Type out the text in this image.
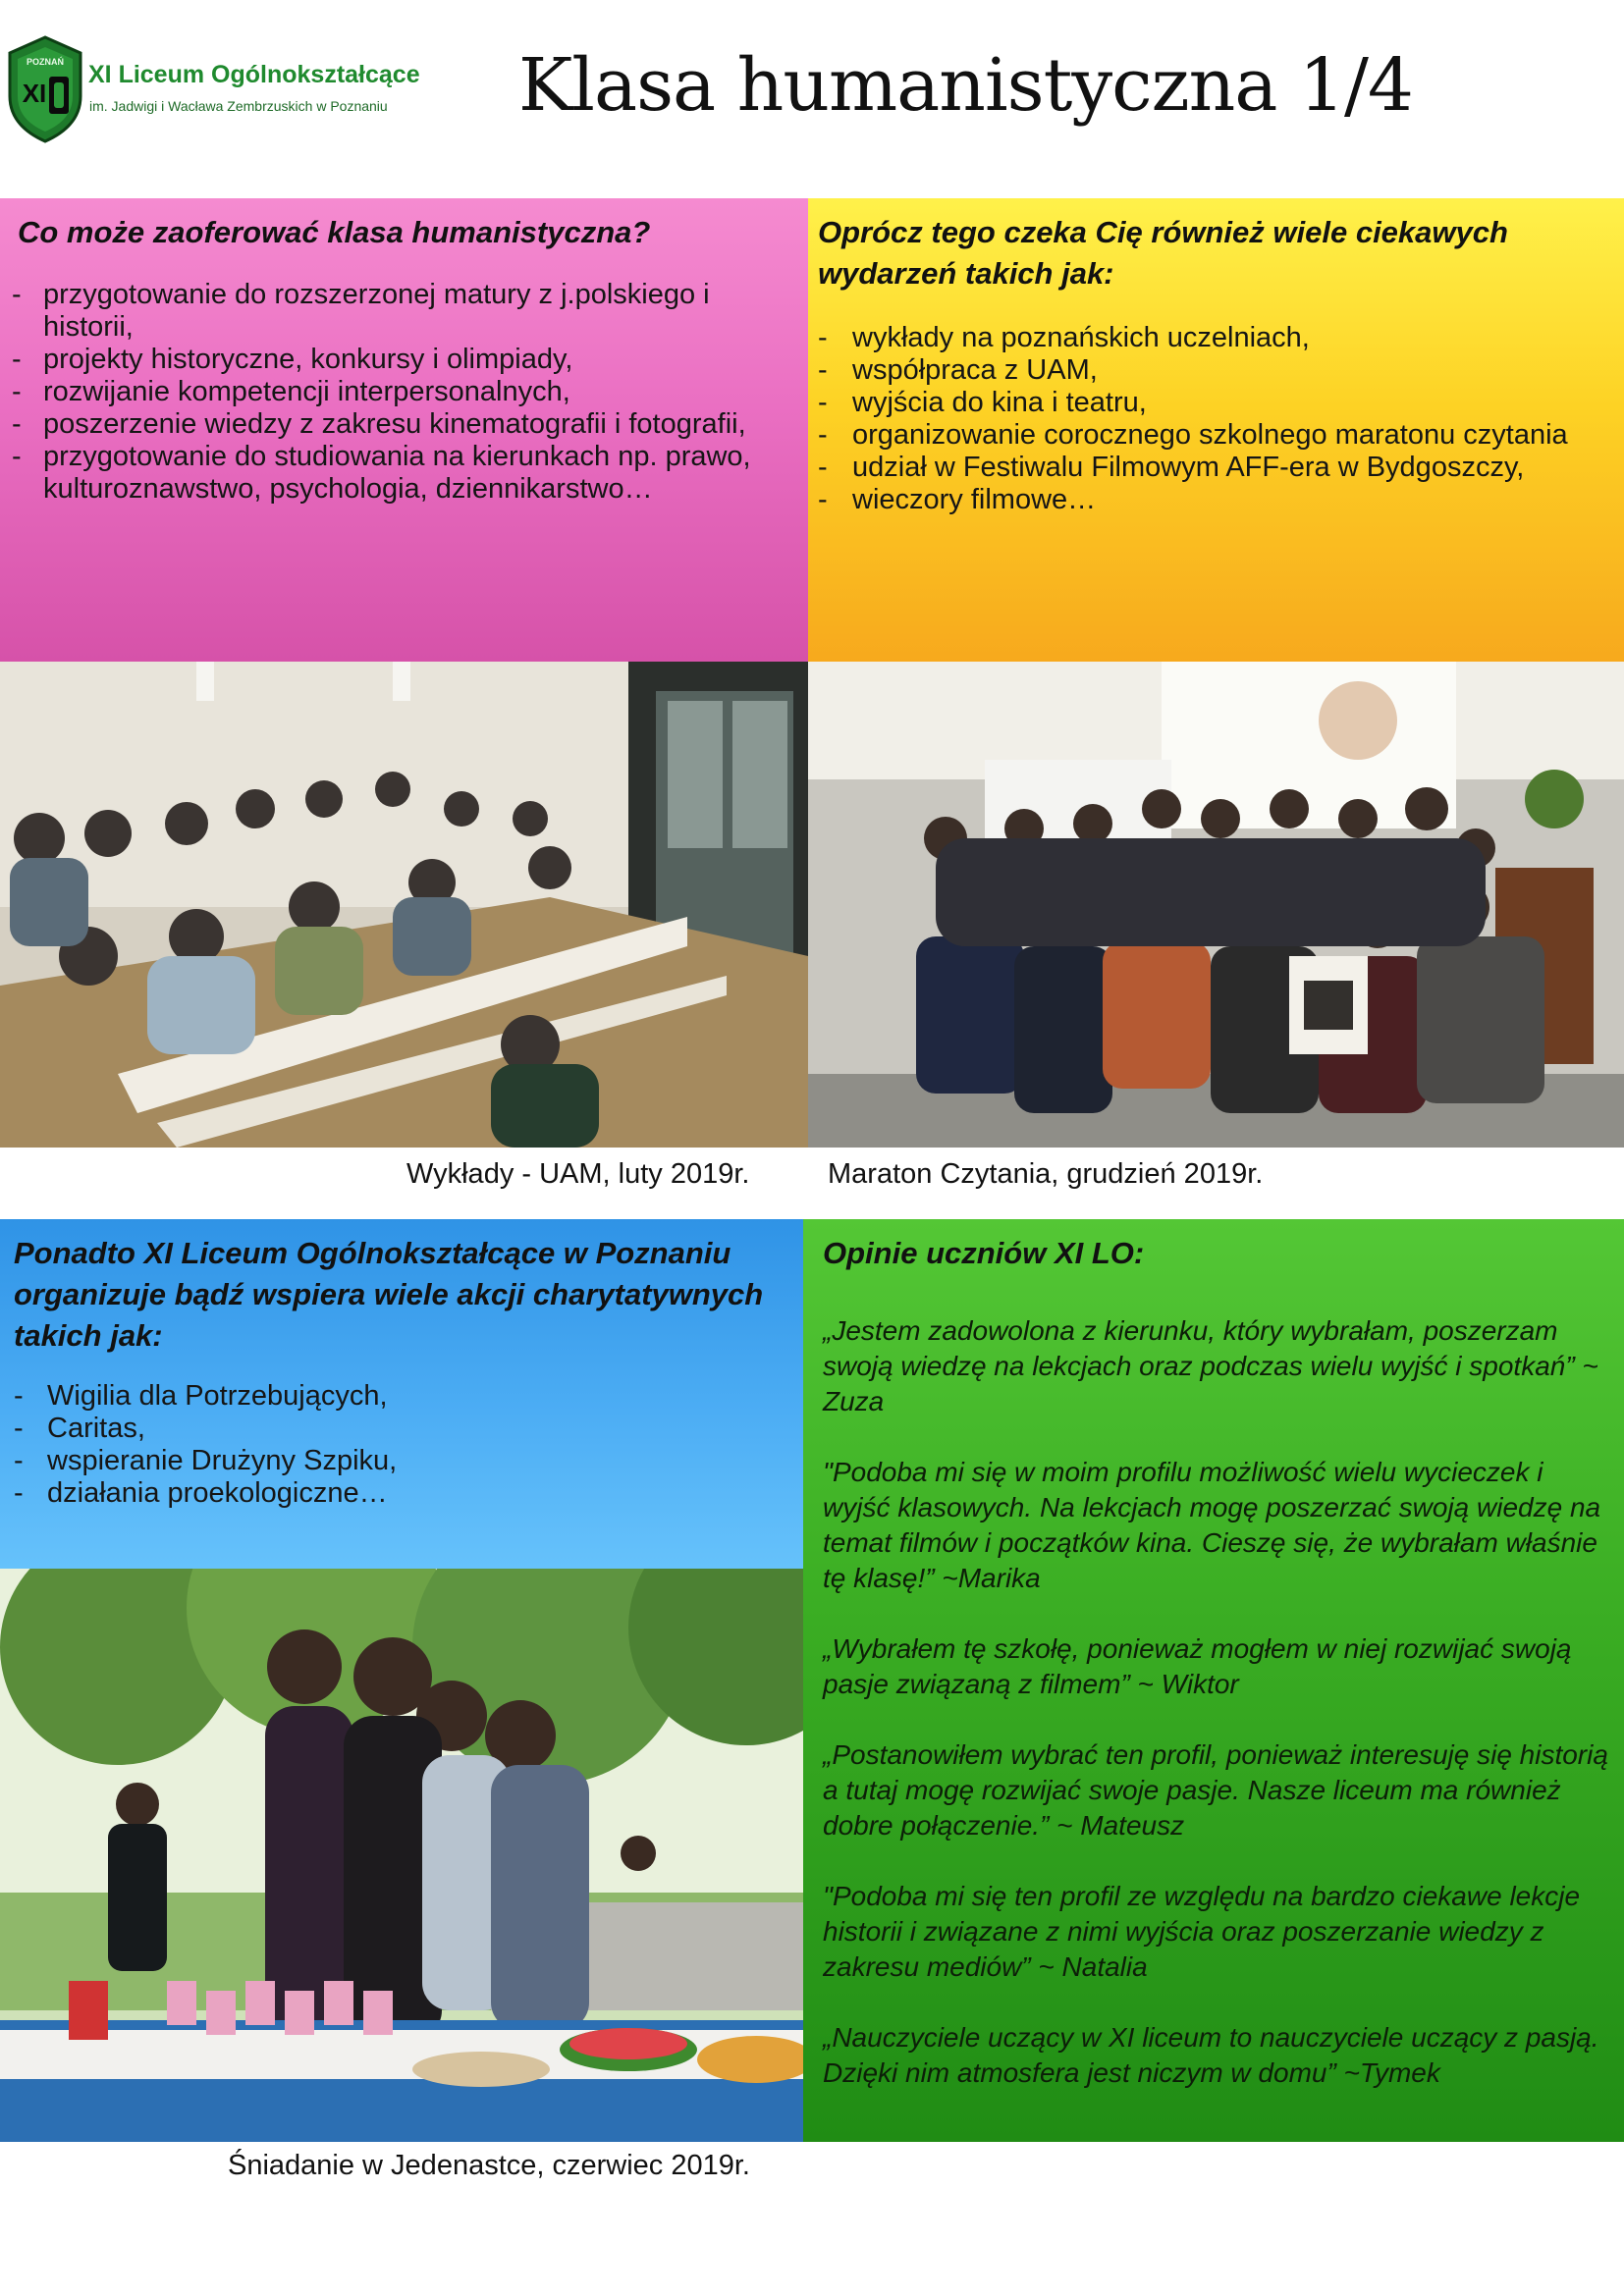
POZNAŃ
XI
XI Liceum Ogólnokształcące
im. Jadwigi i Wacława Zembrzuskich w Poznaniu Klasa humanistyczna 1/4
Co może zaoferować klasa humanistyczna?
- przygotowanie do rozszerzonej matury z j.polskiego i historii,
- projekty historyczne, konkursy i olimpiady,
- rozwijanie kompetencji interpersonalnych,
- poszerzenie wiedzy z zakresu kinematografii i fotografii,
- przygotowanie do studiowania na kierunkach np. prawo, kulturoznawstwo, psychologia, dziennikarstwo…
Oprócz tego czeka Cię również wiele ciekawych wydarzeń takich jak:
- wykłady na poznańskich uczelniach,
- współpraca z UAM,
- wyjścia do kina i teatru,
- organizowanie corocznego szkolnego maratonu czytania
- udział w Festiwalu Filmowym AFF-era w Bydgoszczy,
- wieczory filmowe…
Wykłady - UAM, luty 2019r.	Maraton Czytania, grudzień 2019r.
Ponadto XI Liceum Ogólnokształcące w Poznaniu organizuje bądź wspiera wiele akcji charytatywnych takich jak:
- Wigilia dla Potrzebujących,
- Caritas,
- wspieranie Drużyny Szpiku,
- działania proekologiczne…
Śniadanie w Jedenastce, czerwiec 2019r.
Opinie uczniów XI LO:

„Jestem zadowolona z kierunku, który wybrałam, poszerzam swoją wiedzę na lekcjach oraz podczas wielu wyjść i spotkań” ~ Zuza

"Podoba mi się w moim profilu możliwość wielu wycieczek i wyjść klasowych. Na lekcjach mogę poszerzać swoją wiedzę na temat filmów i początków kina. Cieszę się, że wybrałam właśnie tę klasę!” ~Marika

„Wybrałem tę szkołę, ponieważ mogłem w niej rozwijać swoją pasje związaną z filmem” ~ Wiktor

„Postanowiłem wybrać ten profil, ponieważ interesuję się historią a tutaj mogę rozwijać swoje pasje. Nasze liceum ma również dobre połączenie.” ~ Mateusz

"Podoba mi się ten profil ze względu na bardzo ciekawe lekcje historii i związane z nimi wyjścia oraz poszerzanie wiedzy z zakresu mediów” ~ Natalia

„Nauczyciele uczący w XI liceum to nauczyciele uczący z pasją. Dzięki nim atmosfera jest niczym w domu” ~Tymek
